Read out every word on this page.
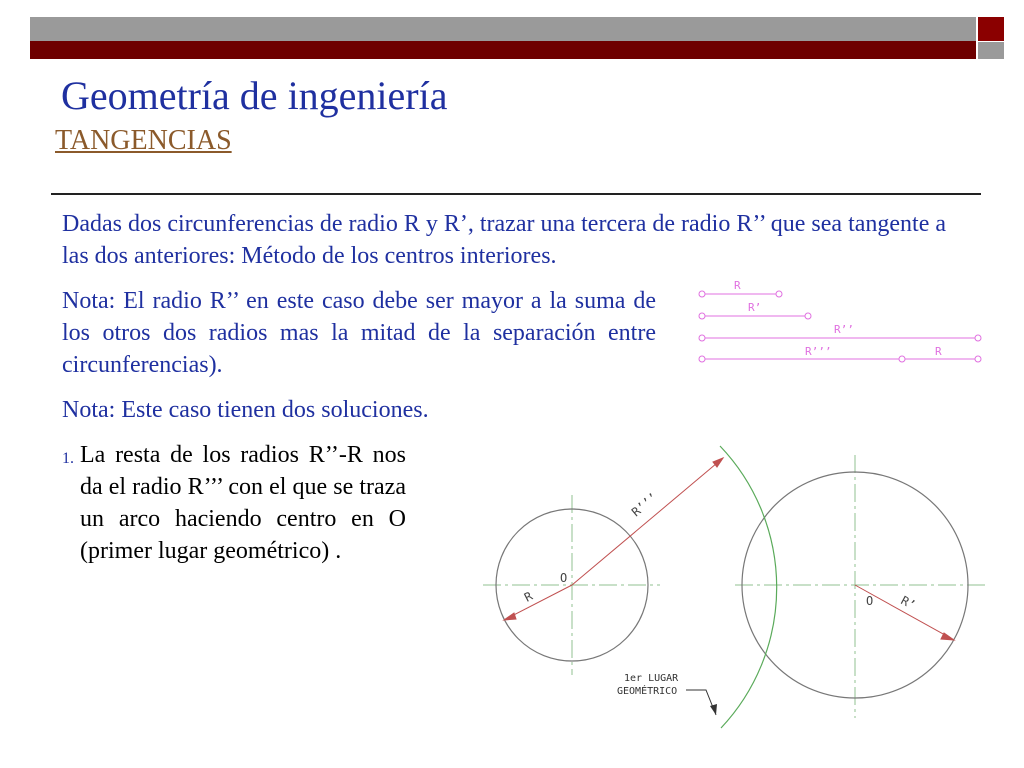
Geometría de ingeniería
TANGENCIAS
Dadas dos circunferencias de radio R y R’, trazar una tercera de radio R’’ que sea tangente a las dos anteriores: Método de los centros interiores.
Nota: El radio R’’ en este caso debe ser mayor a la suma de los otros dos radios mas la mitad de la separación entre circunferencias).
Nota: Este caso tienen dos soluciones.
1. La resta de los radios R’’-R nos da el radio R’’’ con el que se traza un arco haciendo centro en O (primer lugar geométrico) .
R
R’
R’’
R’’’	R
R’’’
R	R’
O
O
1er LUGAR
GEOMÉTRICO
